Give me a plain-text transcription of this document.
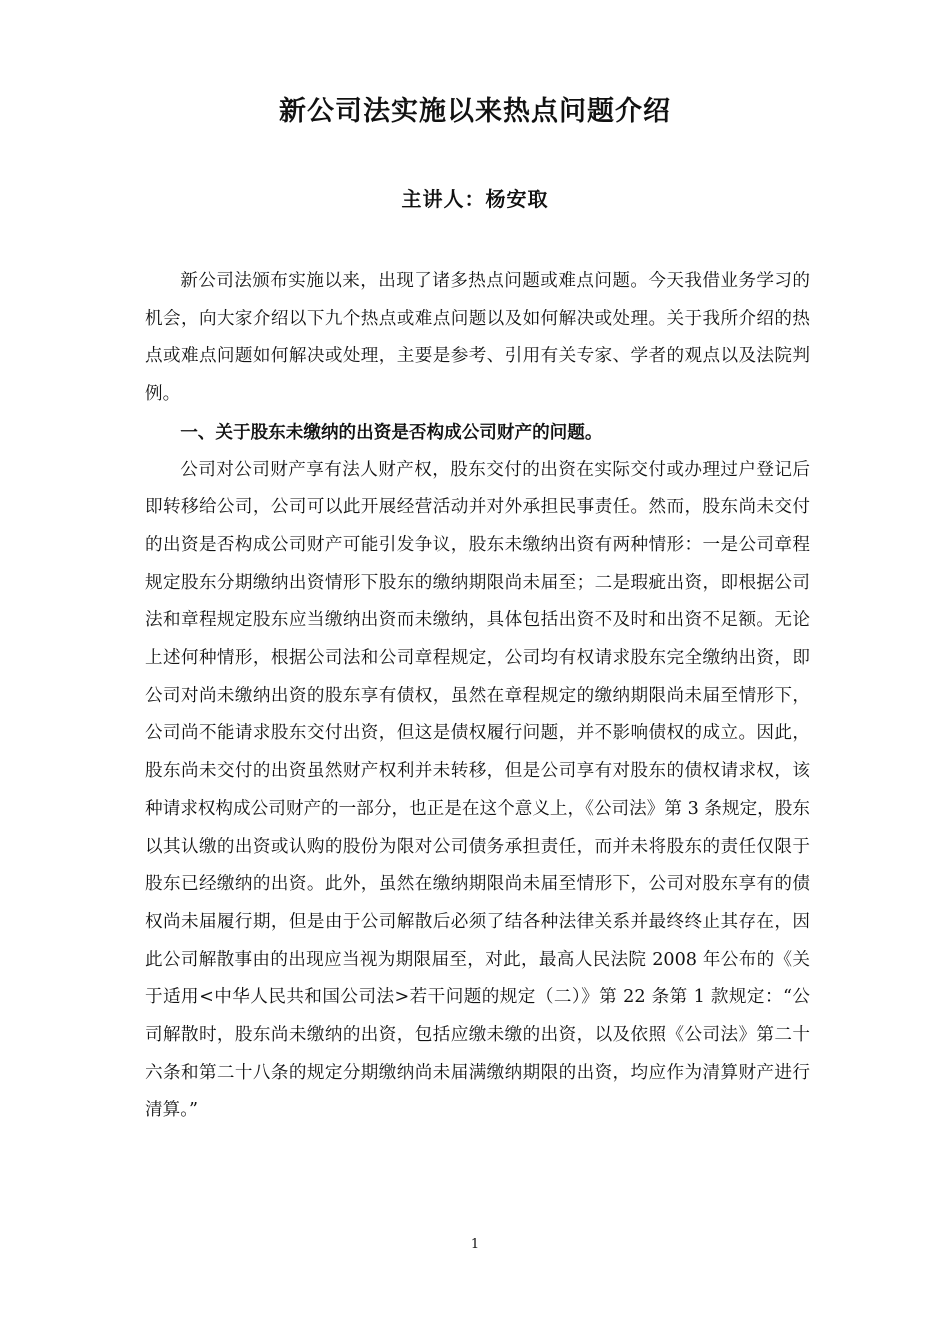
新公司法实施以来热点问题介绍
主讲人：杨安取

新公司法颁布实施以来，出现了诸多热点问题或难点问题。今天我借业务学习的机会，向大家介绍以下九个热点或难点问题以及如何解决或处理。关于我所介绍的热点或难点问题如何解决或处理，主要是参考、引用有关专家、学者的观点以及法院判例。

一、关于股东未缴纳的出资是否构成公司财产的问题。

公司对公司财产享有法人财产权，股东交付的出资在实际交付或办理过户登记后即转移给公司，公司可以此开展经营活动并对外承担民事责任。然而，股东尚未交付的出资是否构成公司财产可能引发争议，股东未缴纳出资有两种情形：一是公司章程规定股东分期缴纳出资情形下股东的缴纳期限尚未届至；二是瑕疵出资，即根据公司法和章程规定股东应当缴纳出资而未缴纳，具体包括出资不及时和出资不足额。无论上述何种情形，根据公司法和公司章程规定，公司均有权请求股东完全缴纳出资，即公司对尚未缴纳出资的股东享有债权，虽然在章程规定的缴纳期限尚未届至情形下，公司尚不能请求股东交付出资，但这是债权履行问题，并不影响债权的成立。因此，股东尚未交付的出资虽然财产权利并未转移，但是公司享有对股东的债权请求权，该种请求权构成公司财产的一部分，也正是在这个意义上，《公司法》第 3 条规定，股东以其认缴的出资或认购的股份为限对公司债务承担责任，而并未将股东的责任仅限于股东已经缴纳的出资。此外，虽然在缴纳期限尚未届至情形下，公司对股东享有的债权尚未届履行期，但是由于公司解散后必须了结各种法律关系并最终终止其存在，因此公司解散事由的出现应当视为期限届至，对此，最高人民法院 2008 年公布的《关于适用<中华人民共和国公司法>若干问题的规定（二）》第 22 条第 1 款规定：“公司解散时，股东尚未缴纳的出资，包括应缴未缴的出资，以及依照《公司法》第二十六条和第二十八条的规定分期缴纳尚未届满缴纳期限的出资，均应作为清算财产进行清算。”

1
